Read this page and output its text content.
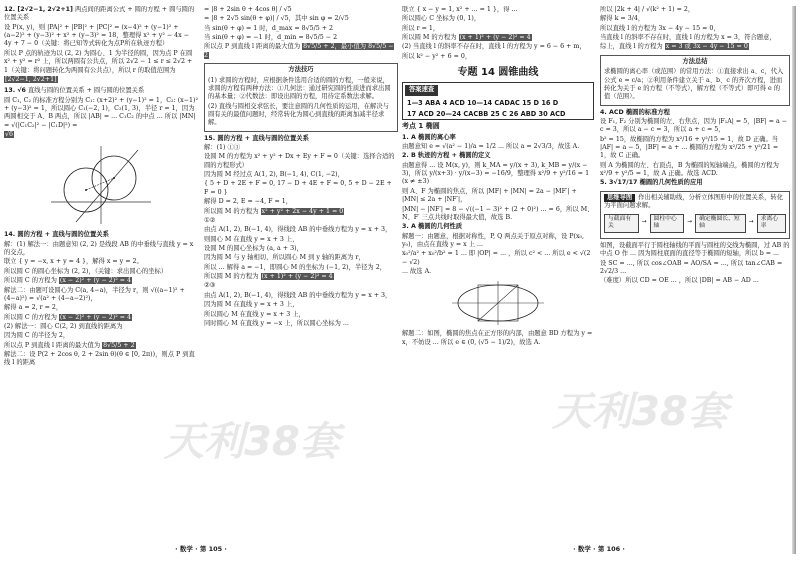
天利38套
12. [2√2−1, 2√2+1] 两点间的距离公式 + 圆的方程 + 圆与圆的位置关系
设 P(x, y)，则 |PA|² + |PB|² + |PC|² = (x−4)² + (y−1)² + (a−2)² + (y−3)² + x² + (y−3)² = 18，整理得 x² + y² − 4x − 4y + 7 − 0（关键：将已知等式转化为点P所在轨迹方程）
所以 P 点的轨迹为以 (2, 2) 为圆心、1 为半径的圆，因为点 P 在圆 x² + y² = r² 上，所以两圆有公共点，所以 2√2 − 1 ≤ r ≤ 2√2 + 1（关键：将问题转化为两圆有公共点），所以 r 的取值范围为
[2√2−1, 2√2+1]
13. √6 直线与圆的位置关系 + 圆与圆的位置关系
圆 C₁, C₂ 的标准方程分别为 C₁: (x+2)² + (y−1)² = 1，C₂: (x−1)² + (y−3)² = 1，所以圆心 C₁(−2, 1)，C₂(1, 3)，半径 r = 1，因为两圆相交于 A、B 两点，所以 |AB| = ... C₁C₂ 的中点 ... 所以 |MN| = √(|C₁C₂|² − |C₁D|²) =
√6
14. 圆的方程 + 直线与圆的位置关系
解：(1) 解法一：由题意知 (2, 2) 是线段 AB 的中垂线与直线 y = x 的交点，
联立 { y = −x, x + y = 4 }，解得 x = y = 2。
所以圆 C 的圆心坐标为 (2, 2)，（关键：求出圆心的坐标）
所以圆 C 的方程为 (x − 2)² + (y − 2)² = 4
解法二：由题可设圆心为 C(a, 4−a)，半径为 r，则 √((a−1)² + (4−a)²) = √(a² + (4−a−2)²)，
解得 a = 2, r = 2，
所以圆 C 的方程为 (x − 2)² + (y − 2)² = 4
(2) 解法一：圆心 C(2, 2) 到直线的距离为
因为圆 C 的半径为 2，
所以点 P 到直线 l 距离的最大值为 8√5/5 + 2
解法二：设 P(2 + 2cos θ, 2 + 2sin θ)(θ ∈ [0, 2π))，则点 P 到直线 l 的距离
= |8 + 2sin θ + 4cos θ| / √5
= |8 + 2√5 sin(θ + φ)| / √5，其中 sin φ = 2/√5
当 sin(θ + φ) = 1 时，d_max = 8√5/5 + 2
当 sin(θ + φ) = −1 时，d_min = 8√5/5 − 2
所以点 P 到直线 l 距离的最大值为 8√5/5 + 2，最小值为 8√5/5 − 2
方法技巧
(1) 求圆的方程时，应根据条件选用合适的圆的方程，一般来说，求圆的方程有两种方法：①几何法：通过研究圆的性质进而求出圆的基本量；②代数法：即设出圆的方程，用待定系数法求解。
(2) 直线与圆相交求弦长，要注意圆的几何性质的运用，在解决与圆有关的最值问题时，经常转化为圆心到直线的距离加减半径求解。
15. 圆的方程 + 直线与圆的位置关系
解：(1) ①③
设圆 M 的方程为 x² + y² + Dx + Ey + F = 0（关键：选择合适的圆的方程形式）
因为圆 M 经过点 A(1, 2), B(−1, 4), C(1, −2)，
{ 5 + D + 2E + F = 0, 17 − D + 4E + F = 0, 5 + D − 2E + F = 0 }
解得 D = 2, E = −4, F = 1，
所以圆 M 的方程为 x² + y² + 2x − 4y + 1 = 0
①②
由点 A(1, 2), B(−1, 4)，得线段 AB 的中垂线方程为 y = x + 3，
则圆心 M 在直线 y = x + 3 上，
设圆 M 的圆心坐标为 (a, a + 3)，
因为圆 M 与 y 轴相切，所以圆心 M 到 y 轴的距离为 r，
所以 ... 解得 a = −1，即圆心 M 的坐标为 (−1, 2)，半径为 2，
所以圆 M 的方程为 (x + 1)² + (y − 2)² = 4
②③
由点 A(1, 2), B(−1, 4)，得线段 AB 的中垂线方程为 y = x + 3，
因为圆 M 在直线 y = x + 3 上，
所以圆心 M 在直线 y = x + 3 上，
同时圆心 M 在直线 y = −x 上，所以圆心坐标为 ...
· 数学 · 第 105 ·
天利38套
联立 { x − y = 1, x² + ... = 1 }，得 ...
所以圆心 C 坐标为 (0, 1)，
所以 r = 1，
所以圆 M 的方程为 (x + 1)² + (y − 2)² = 4
(2) 当直线 l 的斜率不存在时，直线 l 的方程为 y = 6 − 6 + m，
所以 k² − y² + 6 = 0，
专题 14 圆锥曲线
答案速查
1—3 ABA 4 ACD 10—14 CADAC 15 D 16 D
17 ACD 20—24 CACBB 25 C 26 ABD 30 ACD
考点 1 椭圆
1. A 椭圆的离心率
由题意知 e = √(a² − 1)/a = 1/2 ... 所以 a = 2√3/3，故选 A.
2. B 轨迹的方程 + 椭圆的定义
由题意得 ... 设 M(x, y)，则 k_MA = y/(x + 3), k_MB = y/(x − 3)，所以 y/(x+3) · y/(x−3) = −16/9，整理得 x²/9 + y²/16 = 1 (x ≠ ±3)
则 A、F 为椭圆的焦点，所以 |MF| + |MN| = 2a − |MF′| + |MN| ≤ 2a + |NF′|，
|MN| − |NF′| = 8 − √((−1 − 3)² + (2 + 0)²) ... = 6，所以 M、N、F′ 三点共线时取得最大值，故选 B.
3. A 椭圆的几何性质
解题一：由题意，根据对称性，P, Q 两点关于原点对称，设 P(x₀, y₀)，由点在直线 y = x 上 ...
x₀²/a² + x₀²/b² = 1 ... 即 |OP| = ... ，所以 c² < ... 所以 e < √(2 − √2)
... 故选 A.
解题二：如图，椭圆的焦点在正方形的内部，由题意 BD 方程为 y = x，不妨设 ... 所以 e ∈ (0, (√5 − 1)/2)，故选 A.
所以 |2k + 4| / √(k² + 1) = 2，
解得 k = 3/4，
所以直线 l 的方程为 3x − 4y − 15 = 0，
当直线 l 的斜率不存在时，直线 l 的方程为 x = 3，符合题意，
综上，直线 l 的方程为 x = 3 或 3x − 4y − 15 = 0
方法总结
求椭圆的离心率（或范围）的常用方法：①直接求出 a、c，代入公式 e = c/a；②利用条件建立关于 a、b、c 的齐次方程，进而转化为关于 e 的方程（不等式），解方程（不等式）即可得 e 的值（范围）。
4. ACD 椭圆的标准方程
设 F₁, F₂ 分别为椭圆的左、右焦点，因为 |F₁A| = 5，|BF| = a − c = 3，所以 a − c = 3，所以 a + c = 5，
b² = 15，故椭圆的方程为 x²/16 + y²/15 = 1，故 D 正确。当 |AF| = a − 5，|BF| = a + ... 椭圆的方程为 x²/25 + y²/21 = 1，故 C 正确。
则 A 为椭圆的左、右顶点，B 为椭圆的短轴端点，椭圆的方程为 x²/9 + y²/5 = 1，故 A 正确。故选 ACD.
5. 3√17/17 椭圆的几何性质的应用
思维导图 作出相关辅助线，分析立体图形中的位置关系，转化为平面问题求解。
与截面有关
→
圆柱中心轴
→
确定椭圆长、短轴
→
求离心率
如图，设截面平行于圆柱轴线的平面与圆柱的交线为椭圆，过 AB 的中点 O 作 ... 因为圆柱底面的直径等于椭圆的短轴，所以 b = ...
设 SC = ..., 所以 cos∠OAB = AO/SA = ..., 所以 tan∠CAB = 2√2/3 ...
（难度）所以 CD = OE ... ，所以 |DB| = AB − AD ...
· 数学 · 第 106 ·
